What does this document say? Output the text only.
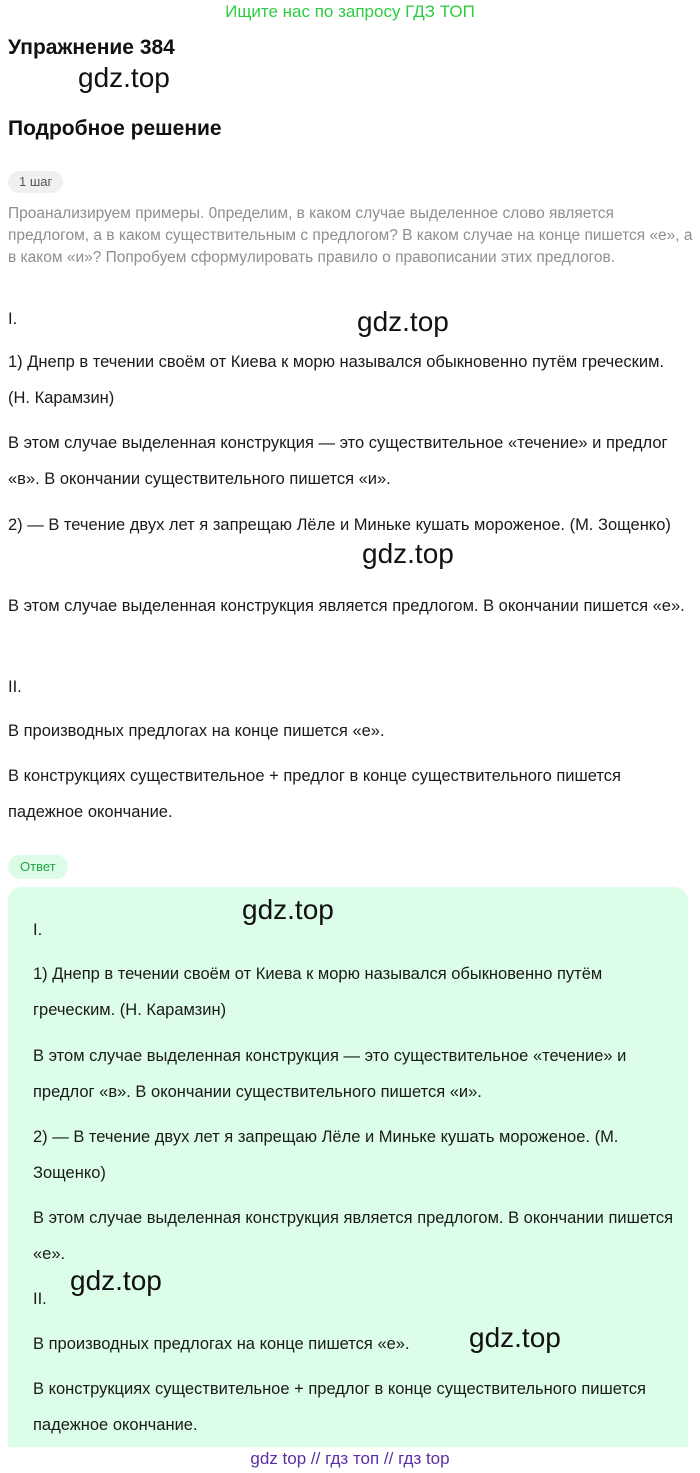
Ищите нас по запросу ГДЗ ТОП
Упражнение 384
gdz.top
Подробное решение
1 шаг
Проанализируем примеры. 0пределим, в каком случае выделенное слово является предлогом, а в каком существительным с предлогом? В каком случае на конце пишется «е», а в каком «и»? Попробуем сформулировать правило о правописании этих предлогов.
I.	gdz.top
1) Днепр в течении своём от Киева к морю назывался обыкновенно путём греческим. (Н. Карамзин)
В этом случае выделенная конструкция — это существительное «течение» и предлог «в». В окончании существительного пишется «и».
2) — В течение двух лет я запрещаю Лёле и Миньке кушать мороженое. (М. Зощенко)
gdz.top
В этом случае выделенная конструкция является предлогом. В окончании пишется «е».
II.
В производных предлогах на конце пишется «е».
В конструкциях существительное + предлог в конце существительного пишется падежное окончание.
Ответ
gdz.top
I.
1) Днепр в течении своём от Киева к морю назывался обыкновенно путём греческим. (Н. Карамзин)
В этом случае выделенная конструкция — это существительное «течение» и предлог «в». В окончании существительного пишется «и».
2) — В течение двух лет я запрещаю Лёле и Миньке кушать мороженое. (М. Зощенко)
В этом случае выделенная конструкция является предлогом. В окончании пишется «е».
gdz.top
II.
В производных предлогах на конце пишется «е».	gdz.top
В конструкциях существительное + предлог в конце существительного пишется падежное окончание.
gdz top // гдз топ // гдз top
